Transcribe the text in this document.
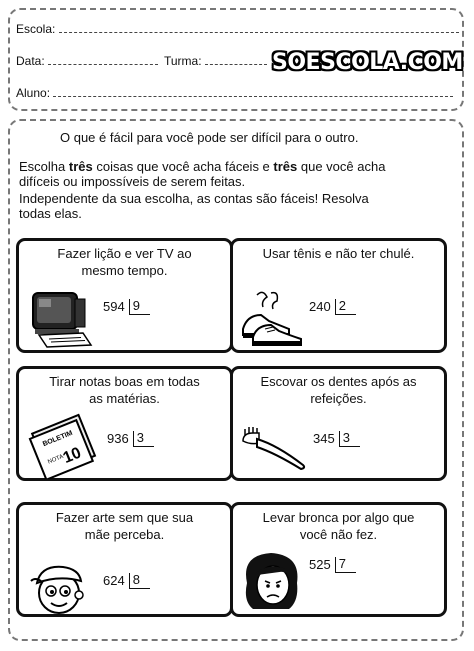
Escola:
Data:	Turma:	SOESCOLA.COM
Aluno:
O que é fácil para você pode ser difícil para o outro.
Escolha três coisas que você acha fáceis e três que você acha
difíceis ou impossíveis de serem feitas.
Independente da sua escolha, as contas são fáceis! Resolva
todas elas.
Fazer lição e ver TV ao
mesmo tempo.
594 9
Usar tênis e não ter chulé.
240 2
Tirar notas boas em todas
as matérias.
936 3
BOLETIM
NOTA
10
Escovar os dentes após as
refeições.
345 3
Fazer arte sem que sua
mãe perceba.
624 8
Levar bronca por algo que
você não fez.
525 7
